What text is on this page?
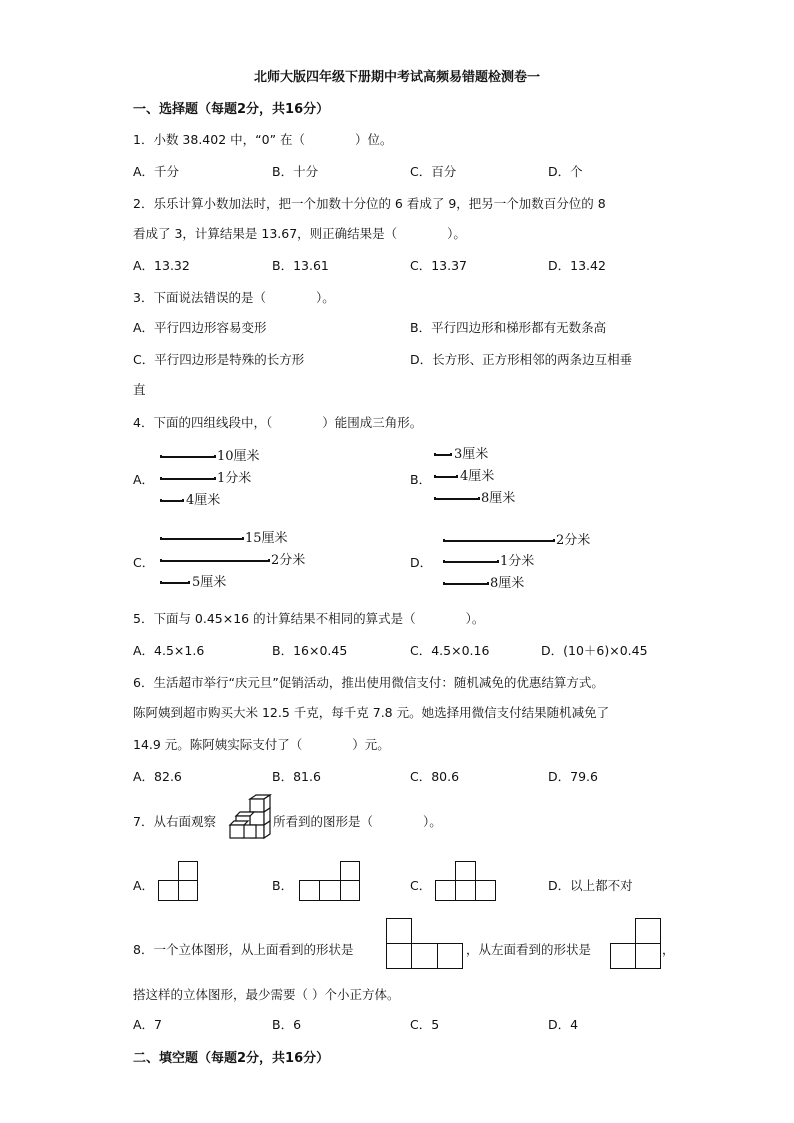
北师大版四年级下册期中考试高频易错题检测卷一
一、选择题（每题2分，共16分）
1．小数 38.402 中，“0” 在（　　　　）位。
A．千分	B．十分	C．百分	D．个
2．乐乐计算小数加法时，把一个加数十分位的 6 看成了 9，把另一个加数百分位的 8
看成了 3，计算结果是 13.67，则正确结果是（　　　　）。
A．13.32	B．13.61	C．13.37	D．13.42
3．下面说法错误的是（　　　　）。
A．平行四边形容易变形	B．平行四边形和梯形都有无数条高
C．平行四边形是特殊的长方形	D．长方形、正方形相邻的两条边互相垂
直
4．下面的四组线段中，（　　　　）能围成三角形。
A．
10厘米
1分米
4厘米
B．
3厘米
4厘米
8厘米
C．
15厘米
2分米
5厘米
D．
2分米
1分米
8厘米
5．下面与 0.45×16 的计算结果不相同的算式是（　　　　）。
A．4.5×1.6	B．16×0.45	C．4.5×0.16	D．(10＋6)×0.45
6．生活超市举行“庆元旦”促销活动，推出使用微信支付：随机减免的优惠结算方式。
陈阿姨到超市购买大米 12.5 千克，每千克 7.8 元。她选择用微信支付结果随机减免了
14.9 元。陈阿姨实际支付了（　　　　）元。
A．82.6	B．81.6	C．80.6	D．79.6
7．从右面观察	所看到的图形是（　　　　）。
A．	B．	C．	D．以上都不对
8．一个立体图形，从上面看到的形状是	，从左面看到的形状是	，
搭这样的立体图形，最少需要（ ）个小正方体。
A．7	B．6	C．5	D．4
二、填空题（每题2分，共16分）
